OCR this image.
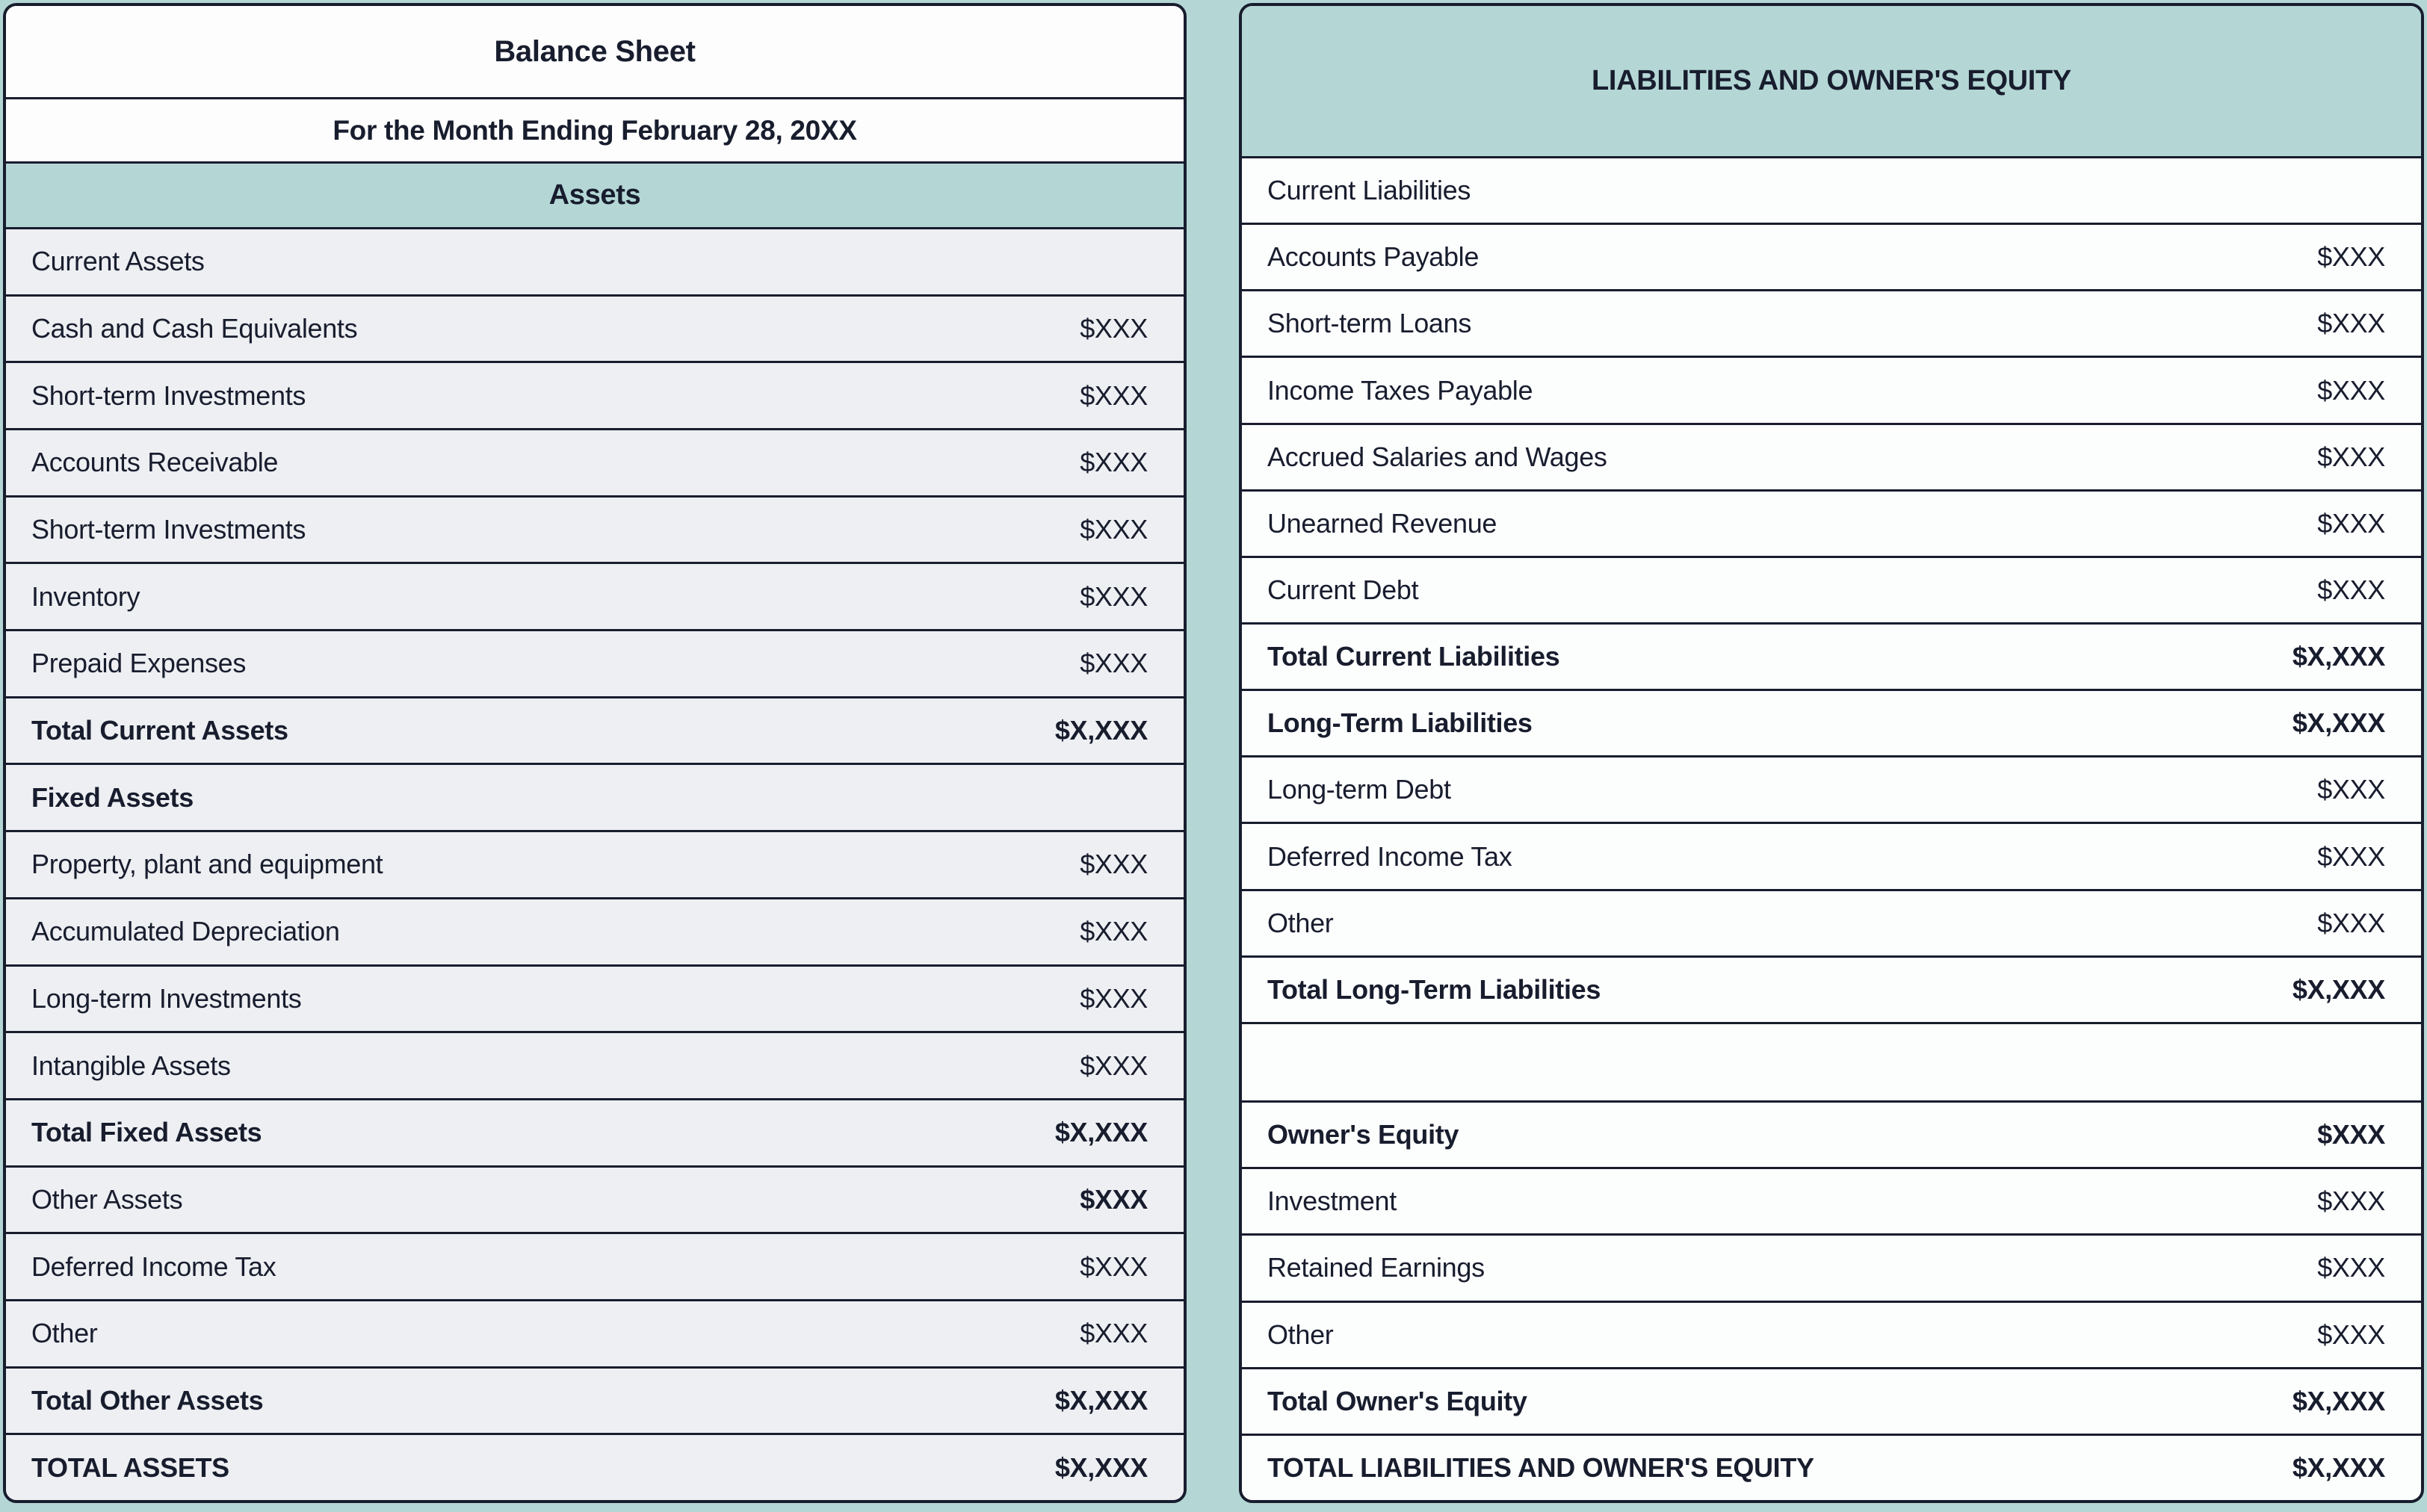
Balance Sheet
For the Month Ending February 28, 20XX
Assets
Current Assets
Cash and Cash Equivalents	$XXX
Short-term Investments	$XXX
Accounts Receivable	$XXX
Short-term Investments	$XXX
Inventory	$XXX
Prepaid Expenses	$XXX
Total Current Assets	$X,XXX
Fixed Assets
Property, plant and equipment	$XXX
Accumulated Depreciation	$XXX
Long-term Investments	$XXX
Intangible Assets	$XXX
Total Fixed Assets	$X,XXX
Other Assets	$XXX
Deferred Income Tax	$XXX
Other	$XXX
Total Other Assets	$X,XXX
TOTAL ASSETS	$X,XXX
LIABILITIES AND OWNER'S EQUITY
Current Liabilities
Accounts Payable	$XXX
Short-term Loans	$XXX
Income Taxes Payable	$XXX
Accrued Salaries and Wages	$XXX
Unearned Revenue	$XXX
Current Debt	$XXX
Total Current Liabilities	$X,XXX
Long-Term Liabilities	$X,XXX
Long-term Debt	$XXX
Deferred Income Tax	$XXX
Other	$XXX
Total Long-Term Liabilities	$X,XXX
Owner's Equity	$XXX
Investment	$XXX
Retained Earnings	$XXX
Other	$XXX
Total Owner's Equity	$X,XXX
TOTAL LIABILITIES AND OWNER'S EQUITY	$X,XXX
